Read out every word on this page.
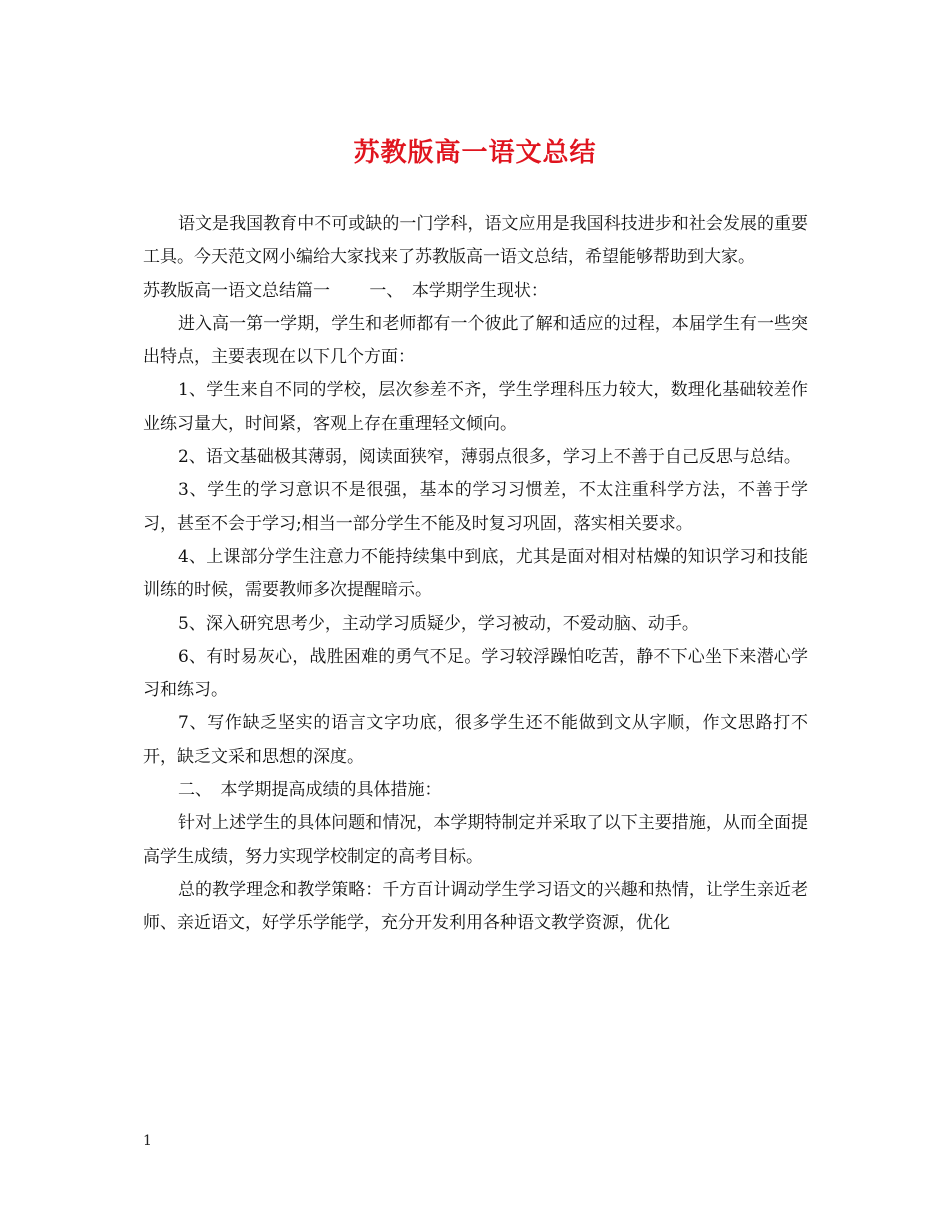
苏教版高一语文总结

语文是我国教育中不可或缺的一门学科，语文应用是我国科技进步和社会发展的重要工具。今天范文网小编给大家找来了苏教版高一语文总结，希望能够帮助到大家。

苏教版高一语文总结篇一　　 一、　本学期学生现状：

进入高一第一学期，学生和老师都有一个彼此了解和适应的过程，本届学生有一些突出特点，主要表现在以下几个方面：

1、学生来自不同的学校，层次参差不齐，学生学理科压力较大，数理化基础较差作业练习量大，时间紧，客观上存在重理轻文倾向。

2、语文基础极其薄弱，阅读面狭窄，薄弱点很多，学习上不善于自己反思与总结。

3、学生的学习意识不是很强，基本的学习习惯差，不太注重科学方法，不善于学习，甚至不会于学习;相当一部分学生不能及时复习巩固，落实相关要求。

4、上课部分学生注意力不能持续集中到底，尤其是面对相对枯燥的知识学习和技能训练的时候，需要教师多次提醒暗示。

5、深入研究思考少，主动学习质疑少，学习被动，不爱动脑、动手。

6、有时易灰心，战胜困难的勇气不足。学习较浮躁怕吃苦，静不下心坐下来潜心学习和练习。

7、写作缺乏坚实的语言文字功底，很多学生还不能做到文从字顺，作文思路打不开，缺乏文采和思想的深度。

二、　本学期提高成绩的具体措施：

针对上述学生的具体问题和情况，本学期特制定并采取了以下主要措施，从而全面提高学生成绩，努力实现学校制定的高考目标。

总的教学理念和教学策略：千方百计调动学生学习语文的兴趣和热情，让学生亲近老师、亲近语文，好学乐学能学，充分开发利用各种语文教学资源，优化

1
